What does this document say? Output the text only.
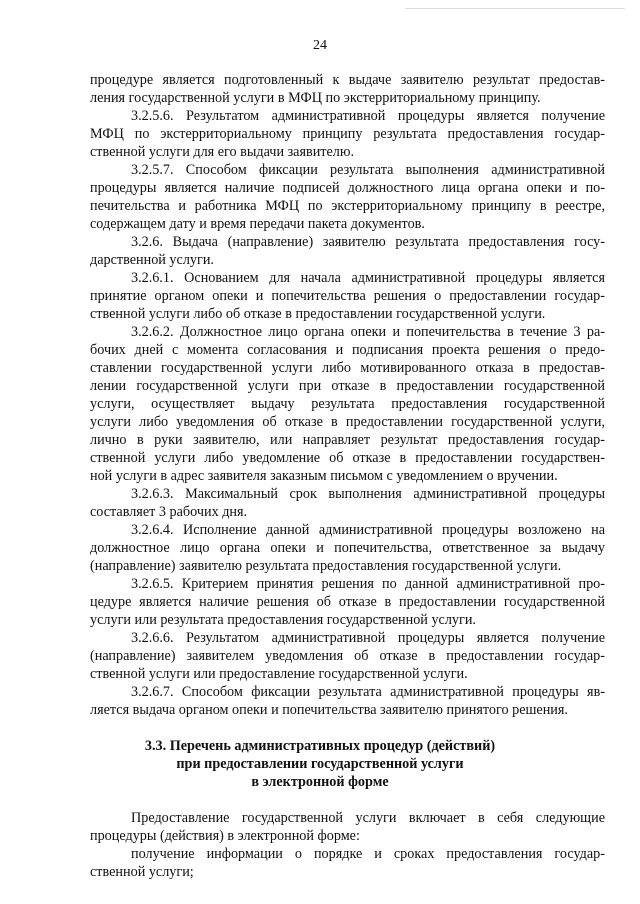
24
процедуре является подготовленный к выдаче заявителю результат предостав-
ления государственной услуги в МФЦ по экстерриториальному принципу.
3.2.5.6. Результатом административной процедуры является получение
МФЦ по экстерриториальному принципу результата предоставления государ-
ственной услуги для его выдачи заявителю.
3.2.5.7. Способом фиксации результата выполнения административной
процедуры является наличие подписей должностного лица органа опеки и по-
печительства и работника МФЦ по экстерриториальному принципу в реестре,
содержащем дату и время передачи пакета документов.
3.2.6. Выдача (направление) заявителю результата предоставления госу-
дарственной услуги.
3.2.6.1. Основанием для начала административной процедуры является
принятие органом опеки и попечительства решения о предоставлении государ-
ственной услуги либо об отказе в предоставлении государственной услуги.
3.2.6.2. Должностное лицо органа опеки и попечительства в течение 3 ра-
бочих дней с момента согласования и подписания проекта решения о предо-
ставлении государственной услуги либо мотивированного отказа в предостав-
лении государственной услуги при отказе в предоставлении государственной
услуги, осуществляет выдачу результата предоставления государственной
услуги либо уведомления об отказе в предоставлении государственной услуги,
лично в руки заявителю, или направляет результат предоставления государ-
ственной услуги либо уведомление об отказе в предоставлении государствен-
ной услуги в адрес заявителя заказным письмом с уведомлением о вручении.
3.2.6.3. Максимальный срок выполнения административной процедуры
составляет 3 рабочих дня.
3.2.6.4. Исполнение данной административной процедуры возложено на
должностное лицо органа опеки и попечительства, ответственное за выдачу
(направление) заявителю результата предоставления государственной услуги.
3.2.6.5. Критерием принятия решения по данной административной про-
цедуре является наличие решения об отказе в предоставлении государственной
услуги или результата предоставления государственной услуги.
3.2.6.6. Результатом административной процедуры является получение
(направление) заявителем уведомления об отказе в предоставлении государ-
ственной услуги или предоставление государственной услуги.
3.2.6.7. Способом фиксации результата административной процедуры яв-
ляется выдача органом опеки и попечительства заявителю принятого решения.
3.3. Перечень административных процедур (действий)
при предоставлении государственной услуги
в электронной форме
Предоставление государственной услуги включает в себя следующие
процедуры (действия) в электронной форме:
получение информации о порядке и сроках предоставления государ-
ственной услуги;
